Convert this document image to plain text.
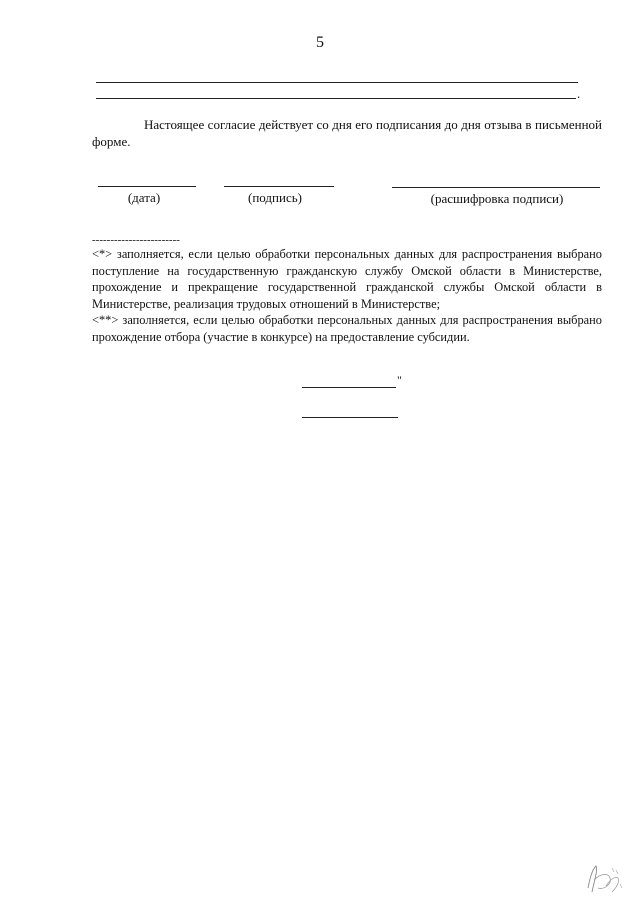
5
.
Настоящее согласие действует со дня его подписания до дня отзыва в письменной форме.
(дата)	(подпись)	(расшифровка подписи)
------------------------

<*> заполняется, если целью обработки персональных данных для распространения выбрано поступление на государственную гражданскую службу Омской области в Министерстве, прохождение и прекращение государственной гражданской службы Омской области в Министерстве, реализация трудовых отношений в Министерстве;

<**> заполняется, если целью обработки персональных данных для распространения выбрано прохождение отбора (участие в конкурсе) на предоставление субсидии.

"
